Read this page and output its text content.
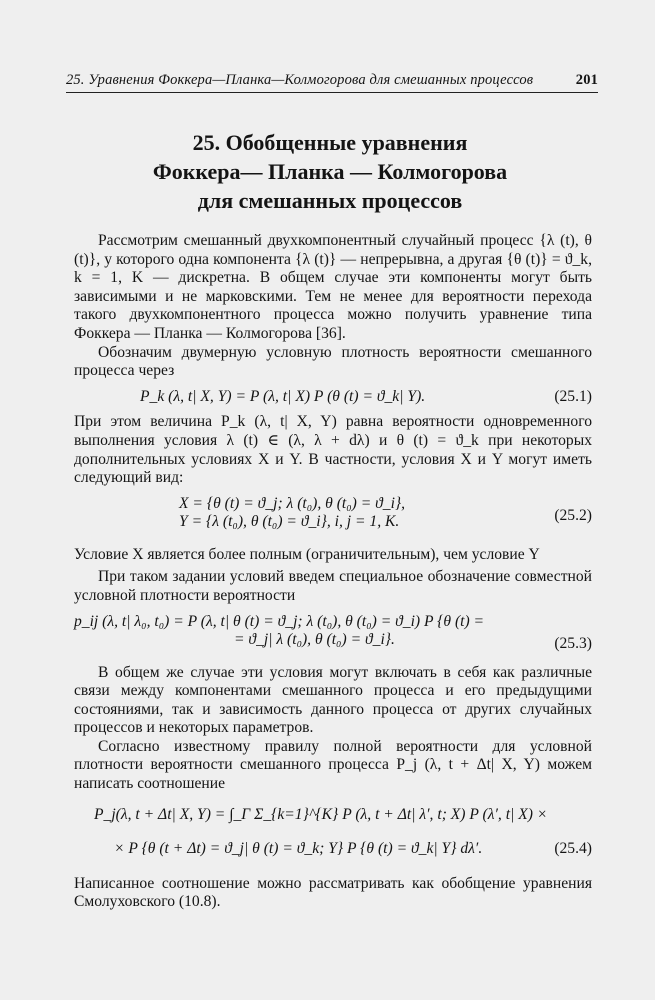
25. Уравнения Фоккера—Планка—Колмогорова для смешанных процессов	201
25. Обобщенные уравнения
Фоккера— Планка — Колмогорова
для смешанных процессов

Рассмотрим смешанный двухкомпонентный случайный процесс {λ (t), θ (t)}, у которого одна компонента {λ (t)} — непрерывна, а другая {θ (t)} = ϑ_k, k = 1, K — дискретна. В общем случае эти компоненты могут быть зависимыми и не марковскими. Тем не менее для вероятности перехода такого двухкомпонентного процесса можно получить уравнение типа Фоккера — Планка — Колмогорова [36].

Обозначим двумерную условную плотность вероятности смешанного процесса через

P_k (λ, t| X, Y) = P (λ, t| X) P (θ (t) = ϑ_k| Y).	(25.1)

При этом величина P_k (λ, t| X, Y) равна вероятности одновременного выполнения условия λ (t) ∈ (λ, λ + dλ) и θ (t) = ϑ_k при некоторых дополнительных условиях X и Y. В частности, условия X и Y могут иметь следующий вид:

X = {θ (t) = ϑ_j; λ (t₀), θ (t₀) = ϑ_i},
Y = {λ (t₀), θ (t₀) = ϑ_i}, i, j = 1, K.	(25.2)

Условие X является более полным (ограничительным), чем условие Y

При таком задании условий введем специальное обозначение совместной условной плотности вероятности

p_ij (λ, t| λ₀, t₀) = P (λ, t| θ (t) = ϑ_j; λ (t₀), θ (t₀) = ϑ_i) P {θ (t) =
= ϑ_j| λ (t₀), θ (t₀) = ϑ_i}.	(25.3)

В общем же случае эти условия могут включать в себя как различные связи между компонентами смешанного процесса и его предыдущими состояниями, так и зависимость данного процесса от других случайных процессов и некоторых параметров.

Согласно известному правилу полной вероятности для условной плотности вероятности смешанного процесса P_j (λ, t + Δt| X, Y) можем написать соотношение

P_j(λ, t + Δt| X, Y) = ∫_Γ Σ_{k=1}^{K} P (λ, t + Δt| λ′, t; X) P (λ′, t| X) ×
× P {θ (t + Δt) = ϑ_j| θ (t) = ϑ_k; Y} P {θ (t) = ϑ_k| Y} dλ′.	(25.4)

Написанное соотношение можно рассматривать как обобщение уравнения Смолуховского (10.8).
